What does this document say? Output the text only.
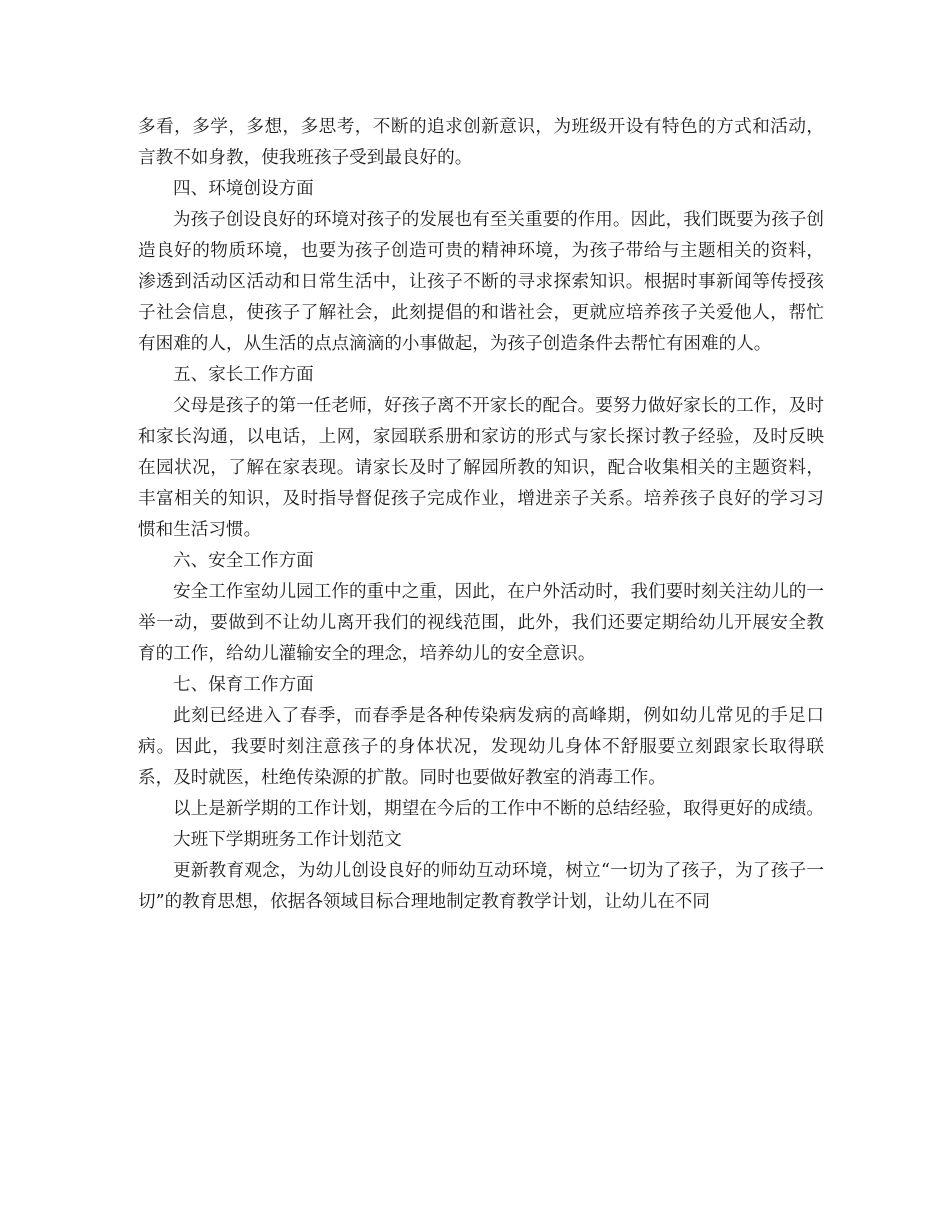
多看，多学，多想，多思考，不断的追求创新意识，为班级开设有特色的方式和活动，言教不如身教，使我班孩子受到最良好的。

四、环境创设方面

为孩子创设良好的环境对孩子的发展也有至关重要的作用。因此，我们既要为孩子创造良好的物质环境，也要为孩子创造可贵的精神环境，为孩子带给与主题相关的资料，渗透到活动区活动和日常生活中，让孩子不断的寻求探索知识。根据时事新闻等传授孩子社会信息，使孩子了解社会，此刻提倡的和谐社会，更就应培养孩子关爱他人，帮忙有困难的人，从生活的点点滴滴的小事做起，为孩子创造条件去帮忙有困难的人。

五、家长工作方面

父母是孩子的第一任老师，好孩子离不开家长的配合。要努力做好家长的工作，及时和家长沟通，以电话，上网，家园联系册和家访的形式与家长探讨教子经验，及时反映在园状况，了解在家表现。请家长及时了解园所教的知识，配合收集相关的主题资料，丰富相关的知识，及时指导督促孩子完成作业，增进亲子关系。培养孩子良好的学习习惯和生活习惯。

六、安全工作方面

安全工作室幼儿园工作的重中之重，因此，在户外活动时，我们要时刻关注幼儿的一举一动，要做到不让幼儿离开我们的视线范围，此外，我们还要定期给幼儿开展安全教育的工作，给幼儿灌输安全的理念，培养幼儿的安全意识。

七、保育工作方面

此刻已经进入了春季，而春季是各种传染病发病的高峰期，例如幼儿常见的手足口病。因此，我要时刻注意孩子的身体状况，发现幼儿身体不舒服要立刻跟家长取得联系，及时就医，杜绝传染源的扩散。同时也要做好教室的消毒工作。

以上是新学期的工作计划，期望在今后的工作中不断的总结经验，取得更好的成绩。

大班下学期班务工作计划范文

更新教育观念，为幼儿创设良好的师幼互动环境，树立“一切为了孩子，为了孩子一切”的教育思想，依据各领域目标合理地制定教育教学计划，让幼儿在不同
